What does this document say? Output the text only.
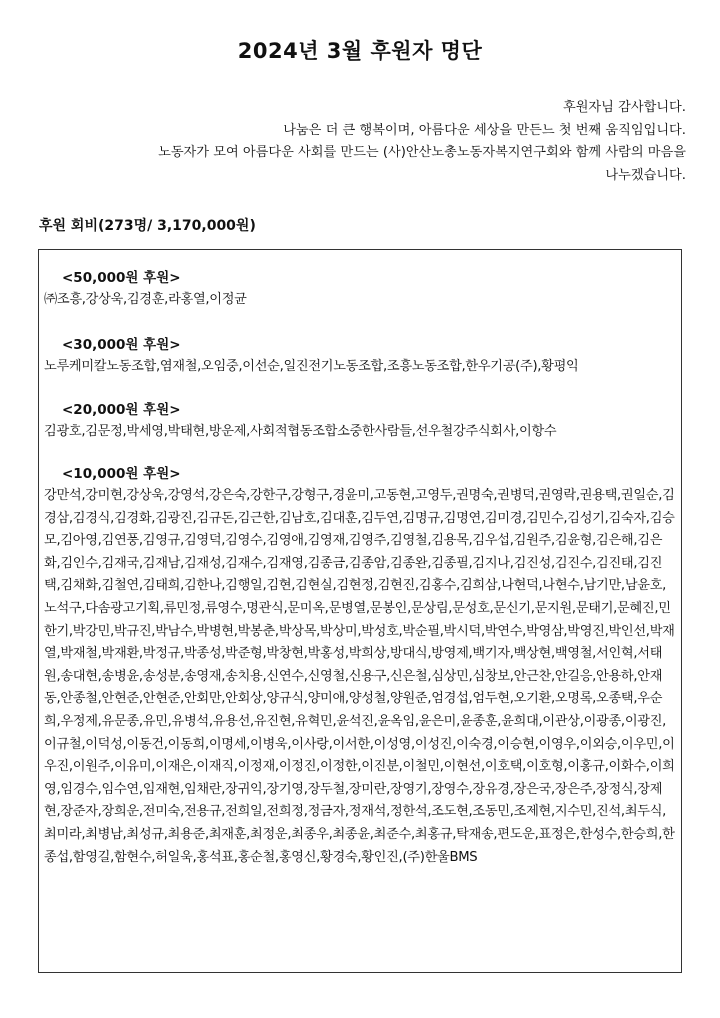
2024년 3월 후원자 명단

후원자님 감사합니다.

나눔은 더 큰 행복이며, 아름다운 세상을 만든느 첫 번째 움직임입니다.

노동자가 모여 아름다운 사회를 만드는 (사)안산노총노동자복지연구회와 함께 사람의 마음을

나누겠습니다.

후원 회비(273명/ 3,170,000원)
<50,000원 후원>
㈜조흥,강상욱,김경훈,라홍열,이정균
<30,000원 후원>
노루케미칼노동조합,염재철,오임중,이선순,일진전기노동조합,조흥노동조합,한우기공(주),황평익
<20,000원 후원>
김광호,김문정,박세영,박태현,방운제,사회적협동조합소중한사람들,선우철강주식회사,이항수
<10,000원 후원>
강만석,강미현,강상욱,강영석,강은숙,강한구,강형구,경윤미,고동현,고영두,권명숙,권병덕,권영락,권용택,권일순,김경삼,김경식,김경화,김광진,김규돈,김근한,김남호,김대훈,김두연,김명규,김명연,김미경,김민수,김성기,김숙자,김승모,김아영,김연풍,김영규,김영덕,김영수,김영애,김영재,김영주,김영철,김용목,김우섭,김원주,김윤형,김은해,김은화,김인수,김재국,김재남,김재성,김재수,김재영,김종금,김종암,김종완,김종필,김지나,김진성,김진수,김진태,김진택,김채화,김철연,김태희,김한나,김행일,김현,김현실,김현정,김현진,김홍수,김희삼,나현덕,나현수,남기만,남윤호,노석구,다솜광고기획,류민정,류영수,명관식,문미옥,문병열,문봉인,문상림,문성호,문신기,문지원,문태기,문혜진,민한기,박강민,박규진,박남수,박병현,박봉춘,박상목,박상미,박성호,박순필,박시덕,박연수,박영삼,박영진,박인선,박재열,박재철,박재환,박정규,박종성,박준형,박창현,박홍성,박희상,방대식,방영제,백기자,백상현,백영철,서인혁,서태원,송대현,송병윤,송성분,송영재,송치용,신연수,신영철,신용구,신은철,심상민,심창보,안근찬,안길응,안용하,안재동,안종철,안현준,안현준,안회만,안회상,양규식,양미애,양성철,양원준,엄경섭,엄두현,오기환,오명록,오종택,우순희,우정제,유문종,유민,유병석,유용선,유진현,유혁민,윤석진,윤옥임,윤은미,윤종훈,윤희대,이관상,이광종,이광진,이규철,이덕성,이동건,이동희,이명세,이병욱,이사랑,이서한,이성영,이성진,이숙경,이승현,이영우,이외승,이우민,이우진,이원주,이유미,이재은,이재직,이정재,이정진,이정한,이진분,이철민,이현선,이호택,이호형,이홍규,이화수,이희영,임경수,임수연,임재현,임채란,장귀익,장기영,장두철,장미란,장영기,장영수,장유경,장은국,장은주,장정식,장제현,장준자,장희운,전미숙,전용규,전희일,전희정,정금자,정재석,정한석,조도현,조동민,조제현,지수민,진석,최두식,최미라,최병남,최성규,최용준,최재훈,최정운,최종우,최종윤,최준수,최홍규,탁재송,편도운,표정은,한성수,한승희,한종섭,함영길,함현수,허일욱,홍석표,홍순철,홍영신,황경숙,황인진,(주)한울BMS
